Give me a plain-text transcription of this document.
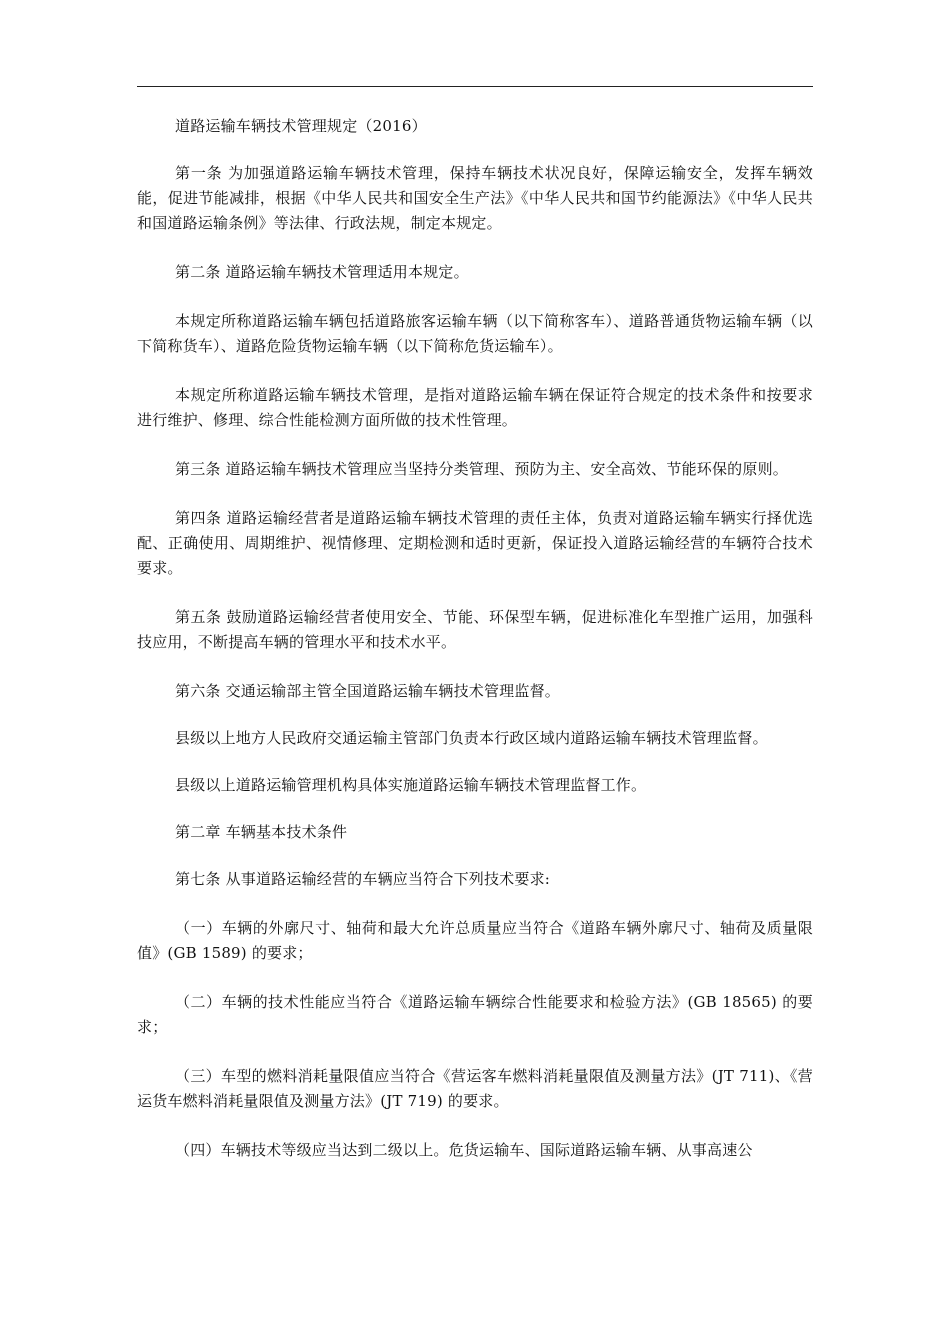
道路运输车辆技术管理规定（2016）

第一条 为加强道路运输车辆技术管理，保持车辆技术状况良好，保障运输安全，发挥车辆效能，促进节能减排，根据《中华人民共和国安全生产法》《中华人民共和国节约能源法》《中华人民共和国道路运输条例》等法律、行政法规，制定本规定。

第二条 道路运输车辆技术管理适用本规定。

本规定所称道路运输车辆包括道路旅客运输车辆（以下简称客车）、道路普通货物运输车辆（以下简称货车）、道路危险货物运输车辆（以下简称危货运输车）。

本规定所称道路运输车辆技术管理，是指对道路运输车辆在保证符合规定的技术条件和按要求进行维护、修理、综合性能检测方面所做的技术性管理。

第三条 道路运输车辆技术管理应当坚持分类管理、预防为主、安全高效、节能环保的原则。

第四条 道路运输经营者是道路运输车辆技术管理的责任主体，负责对道路运输车辆实行择优选配、正确使用、周期维护、视情修理、定期检测和适时更新，保证投入道路运输经营的车辆符合技术要求。

第五条 鼓励道路运输经营者使用安全、节能、环保型车辆，促进标准化车型推广运用，加强科技应用，不断提高车辆的管理水平和技术水平。

第六条 交通运输部主管全国道路运输车辆技术管理监督。

县级以上地方人民政府交通运输主管部门负责本行政区域内道路运输车辆技术管理监督。

县级以上道路运输管理机构具体实施道路运输车辆技术管理监督工作。

第二章 车辆基本技术条件

第七条 从事道路运输经营的车辆应当符合下列技术要求:

（一）车辆的外廓尺寸、轴荷和最大允许总质量应当符合《道路车辆外廓尺寸、轴荷及质量限值》(GB 1589) 的要求；

（二）车辆的技术性能应当符合《道路运输车辆综合性能要求和检验方法》(GB 18565) 的要求；

（三）车型的燃料消耗量限值应当符合《营运客车燃料消耗量限值及测量方法》(JT 711)、《营运货车燃料消耗量限值及测量方法》(JT 719) 的要求。

（四）车辆技术等级应当达到二级以上。危货运输车、国际道路运输车辆、从事高速公
